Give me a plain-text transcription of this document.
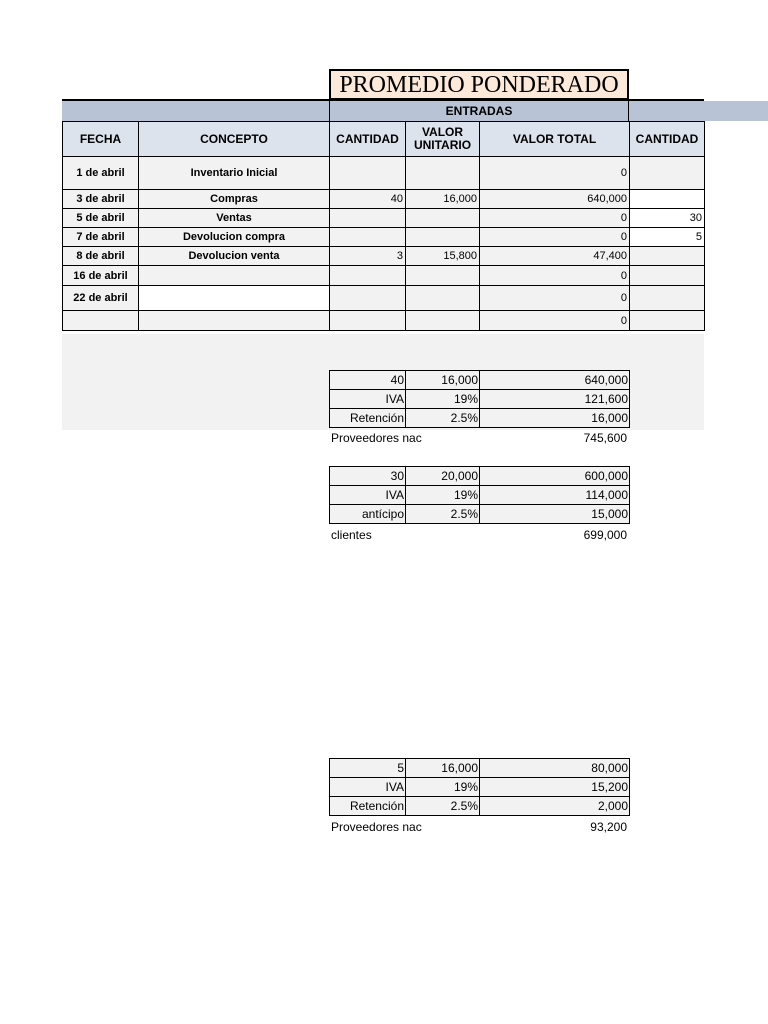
PROMEDIO PONDERADO
ENTRADAS
FECHA	CONCEPTO	CANTIDAD	VALOR UNITARIO	VALOR TOTAL	CANTIDAD
1 de abril	Inventario Inicial			0	
3 de abril	Compras	40	16,000	640,000	
5 de abril	Ventas			0	30
7 de abril	Devolucion compra			0	5
8 de abril	Devolucion venta	3	15,800	47,400	
16 de abril				0	
22 de abril				0	
				0	
40	16,000	640,000
IVA	19%	121,600
Retención	2.5%	16,000
Proveedores nac	745,600
30	20,000	600,000
IVA	19%	114,000
antícipo	2.5%	15,000
clientes	699,000
5	16,000	80,000
IVA	19%	15,200
Retención	2.5%	2,000
Proveedores nac	93,200
